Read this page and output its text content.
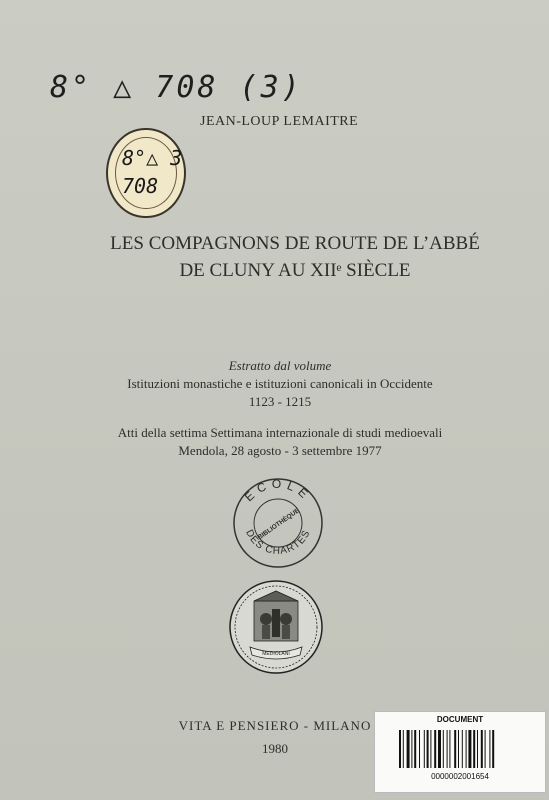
8° △ 708 (3)
JEAN-LOUP LEMAITRE
8°△ 3
708
LES COMPAGNONS DE ROUTE DE L’ABBÉ
DE CLUNY AU XIIᵉ SIÈCLE
Estratto dal volume
Istituzioni monastiche e istituzioni canonicali in Occidente
1123 - 1215
Atti della settima Settimana internazionale di studi medioevali
Mendola, 28 agosto - 3 settembre 1977
ECOLE
DES CHARTES
BIBLIOTHÈQUE
MEDIOLANI
VITA E PENSIERO - MILANO
1980
DOCUMENT
0000002001654
